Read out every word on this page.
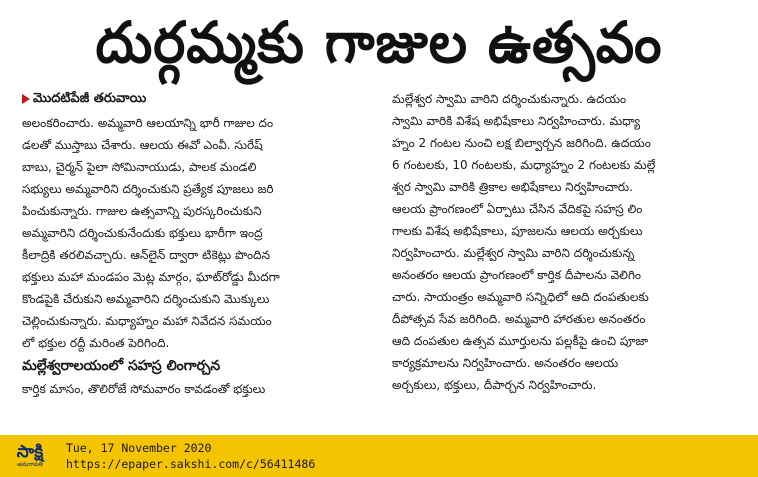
దుర్గమ్మకు గాజుల ఉత్సవం
మొదటిపేజీ తరువాయి
అలంకరించారు. అమ్మవారి ఆలయాన్ని భారీ గాజుల దం
డలతో ముస్తాబు చేశారు. ఆలయ ఈవో ఎంవీ. సురేష్
బాబు, చైర్మన్ పైలా సోమినాయుడు, పాలక మండలి
సభ్యులు అమ్మవారిని దర్శించుకుని ప్రత్యేక పూజలు జరి
పించుకున్నారు. గాజుల ఉత్సవాన్ని పురస్కరించుకుని
అమ్మవారిని దర్శించుకునేందుకు భక్తులు భారీగా ఇంద్ర
కీలాద్రికి తరలివచ్చారు. ఆన్‌లైన్ ద్వారా టికెట్లు పొందిన
భక్తులు మహా మండపం మెట్ల మార్గం, ఘాట్‌రోడ్డు మీదగా
కొండపైకి చేరుకుని అమ్మవారిని దర్శించుకుని మొక్కులు
చెల్లించుకున్నారు. మధ్యాహ్నం మహా నివేదన సమయం
లో భక్తుల రద్దీ మరింత పెరిగింది.
మల్లేశ్వరాలయంలో సహస్ర లింగార్చన
కార్తిక మాసం, తొలిరోజే సోమవారం కావడంతో భక్తులు
మల్లేశ్వర స్వామి వారిని దర్శించుకున్నారు. ఉదయం
స్వామి వారికి విశేష అభిషేకాలు నిర్వహించారు. మధ్యా
హ్నం 2 గంటల నుంచి లక్ష బిల్వార్చన జరిగింది. ఉదయం
6 గంటలకు, 10 గంటలకు, మధ్యాహ్నం 2 గంటలకు మల్లే
శ్వర స్వామి వారికి త్రికాల అభిషేకాలు నిర్వహించారు.
ఆలయ ప్రాంగణంలో ఏర్పాటు చేసిన వేదికపై సహస్ర లిం
గాలకు విశేష అభిషేకాలు, పూజలను ఆలయ అర్చకులు
నిర్వహించారు. మల్లేశ్వర స్వామి వారిని దర్శించుకున్న
అనంతరం ఆలయ ప్రాంగణంలో కార్తిక దీపాలను వెలిగిం
చారు. సాయంత్రం అమ్మవారి సన్నిధిలో ఆది దంపతులకు
దీపోత్సవ సేవ జరిగింది. అమ్మవారి హారతుల అనంతరం
ఆది దంపతుల ఉత్సవ మూర్తులను పల్లకీపై ఉంచి పూజా
కార్యక్రమాలను నిర్వహించారు. అనంతరం ఆలయ
అర్చకులు, భక్తులు, దీపార్చన నిర్వహించారు.
సాక్షి
అమరావతి
Tue, 17 November 2020
https://epaper.sakshi.com/c/56411486
